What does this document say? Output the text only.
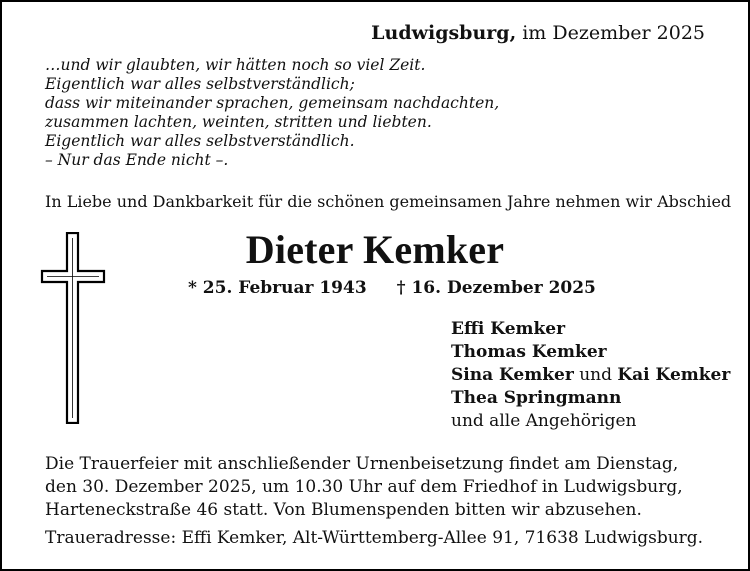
Ludwigsburg, im Dezember 2025
…und wir glaubten, wir hätten noch so viel Zeit.
Eigentlich war alles selbstverständlich;
dass wir miteinander sprachen, gemeinsam nachdachten,
zusammen lachten, weinten, stritten und liebten.
Eigentlich war alles selbstverständlich.
– Nur das Ende nicht –.
In Liebe und Dankbarkeit für die schönen gemeinsamen Jahre nehmen wir Abschied
Dieter Kemker
* 25. Februar 1943 † 16. Dezember 2025
Effi Kemker
Thomas Kemker
Sina Kemker und Kai Kemker
Thea Springmann
und alle Angehörigen
Die Trauerfeier mit anschließender Urnenbeisetzung findet am Dienstag,
den 30. Dezember 2025, um 10.30 Uhr auf dem Friedhof in Ludwigsburg,
Harteneckstraße 46 statt. Von Blumenspenden bitten wir abzusehen.
Traueradresse: Effi Kemker, Alt-Württemberg-Allee 91, 71638 Ludwigsburg.
